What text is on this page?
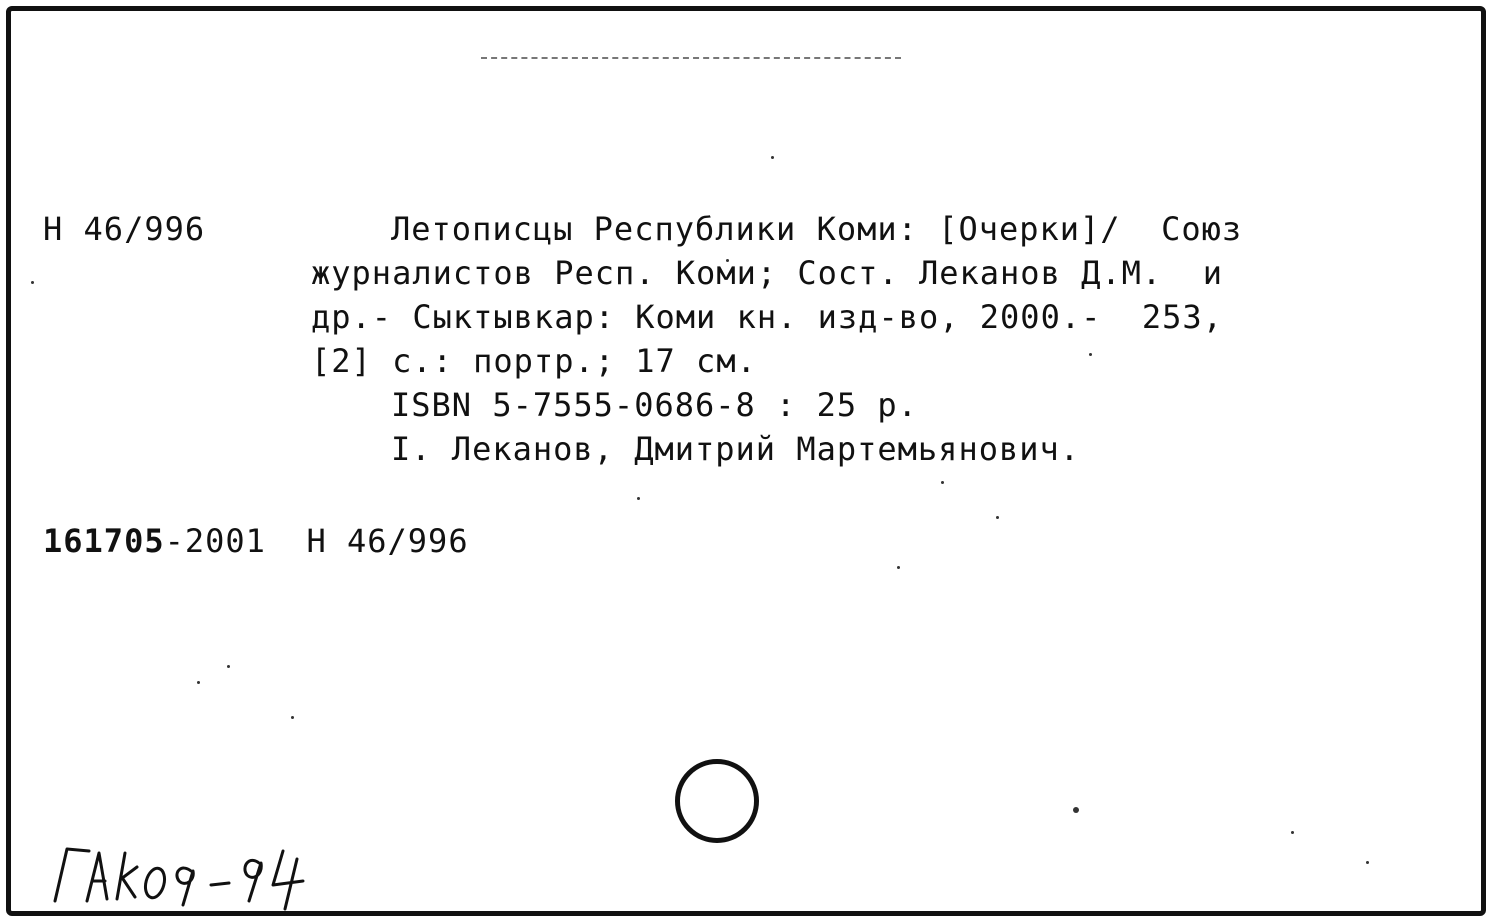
Н 46/996	Летописцы Республики Коми: [Очерки]/  Союз
журналистов Респ. Коми; Сост. Леканов Д.М.  и
др.- Сыктывкар: Коми кн. изд-во, 2000.-  253,
[2] с.: портр.; 17 см.
ISBN 5-7555-0686-8 : 25 р.
I. Леканов, Дмитрий Мартемьянович.
161705-2001  Н 46/996
